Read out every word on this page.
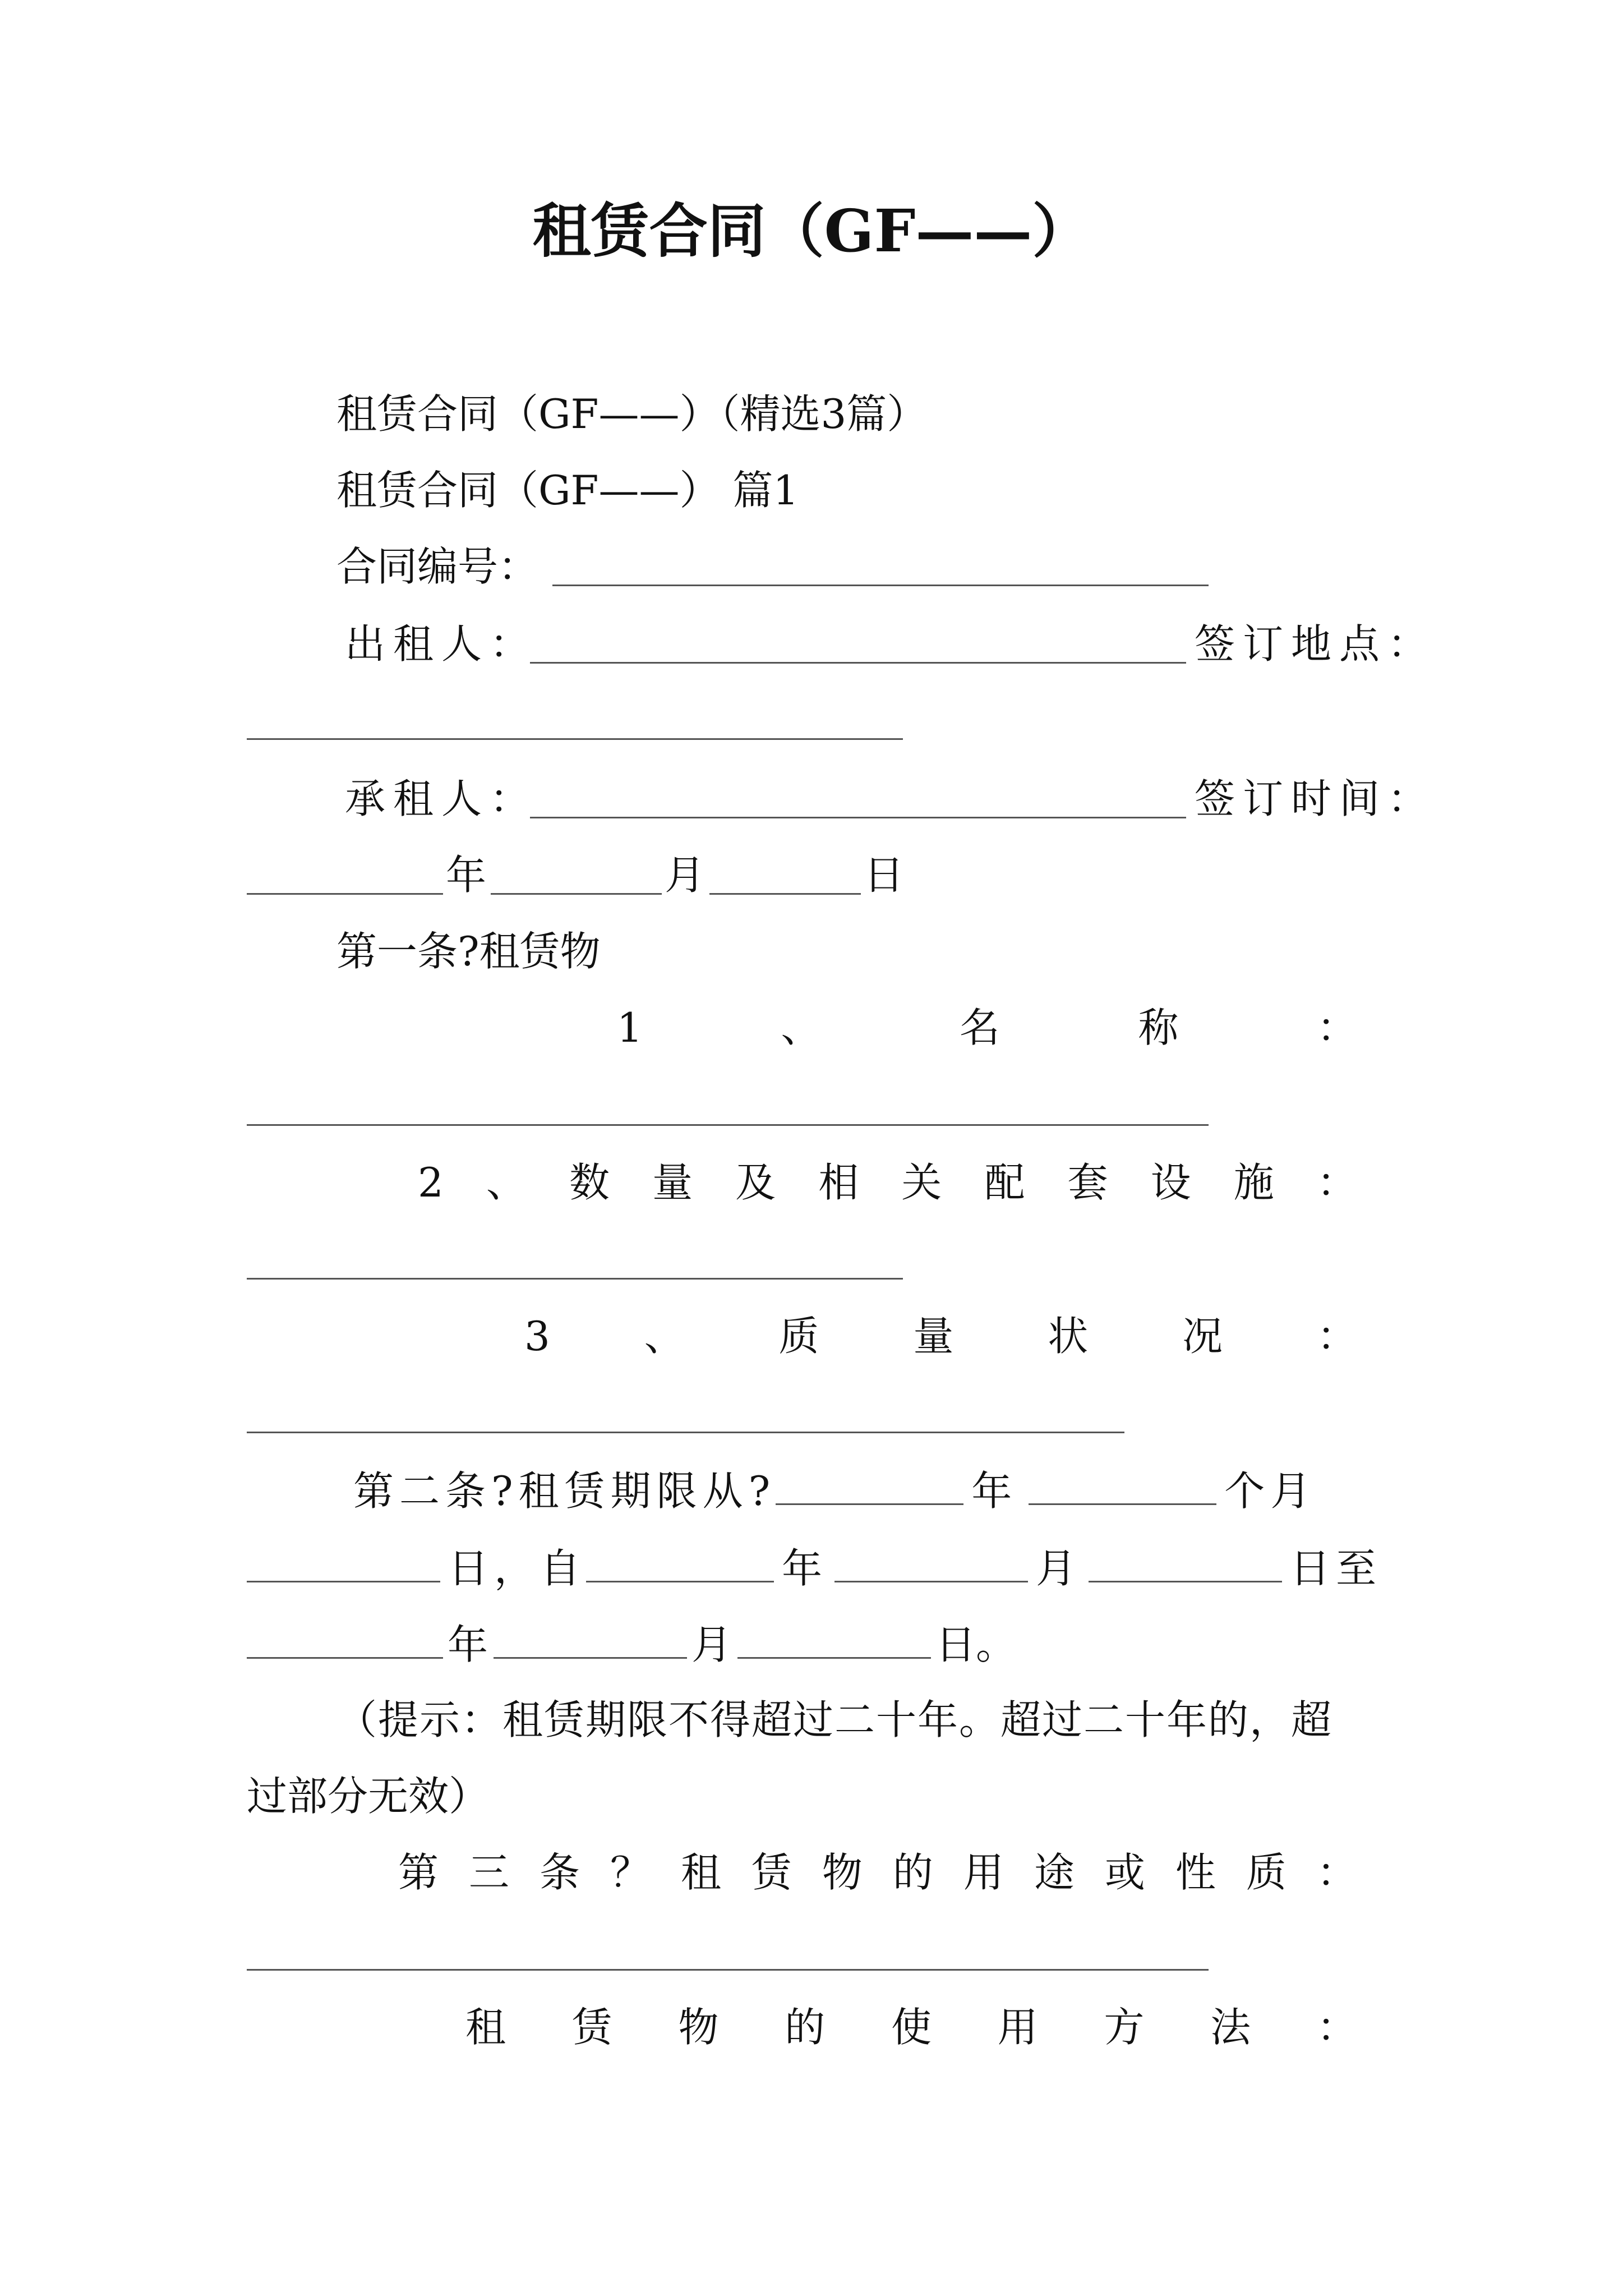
租赁合同（GF——）
租赁合同（GF——）（精选3篇）
租赁合同（GF——） 篇1
合同编号：
出租人：	签订地点：
承租人：	签订时间：
年	月	日
第一条?租赁物
1	、	名	称	：
2 、 数 量 及 相 关 配 套 设 施 ：
3 、 质 量 状 况 ：
第二条?租赁期限从?	年	个月
日，自	年	月	日至
年	月	日。
（提示：租赁期限不得超过二十年。超过二十年的，超
过部分无效）
第 三 条 ？ 租 赁 物 的 用 途 或 性 质 ：
租 赁 物 的 使 用 方 法 ：
